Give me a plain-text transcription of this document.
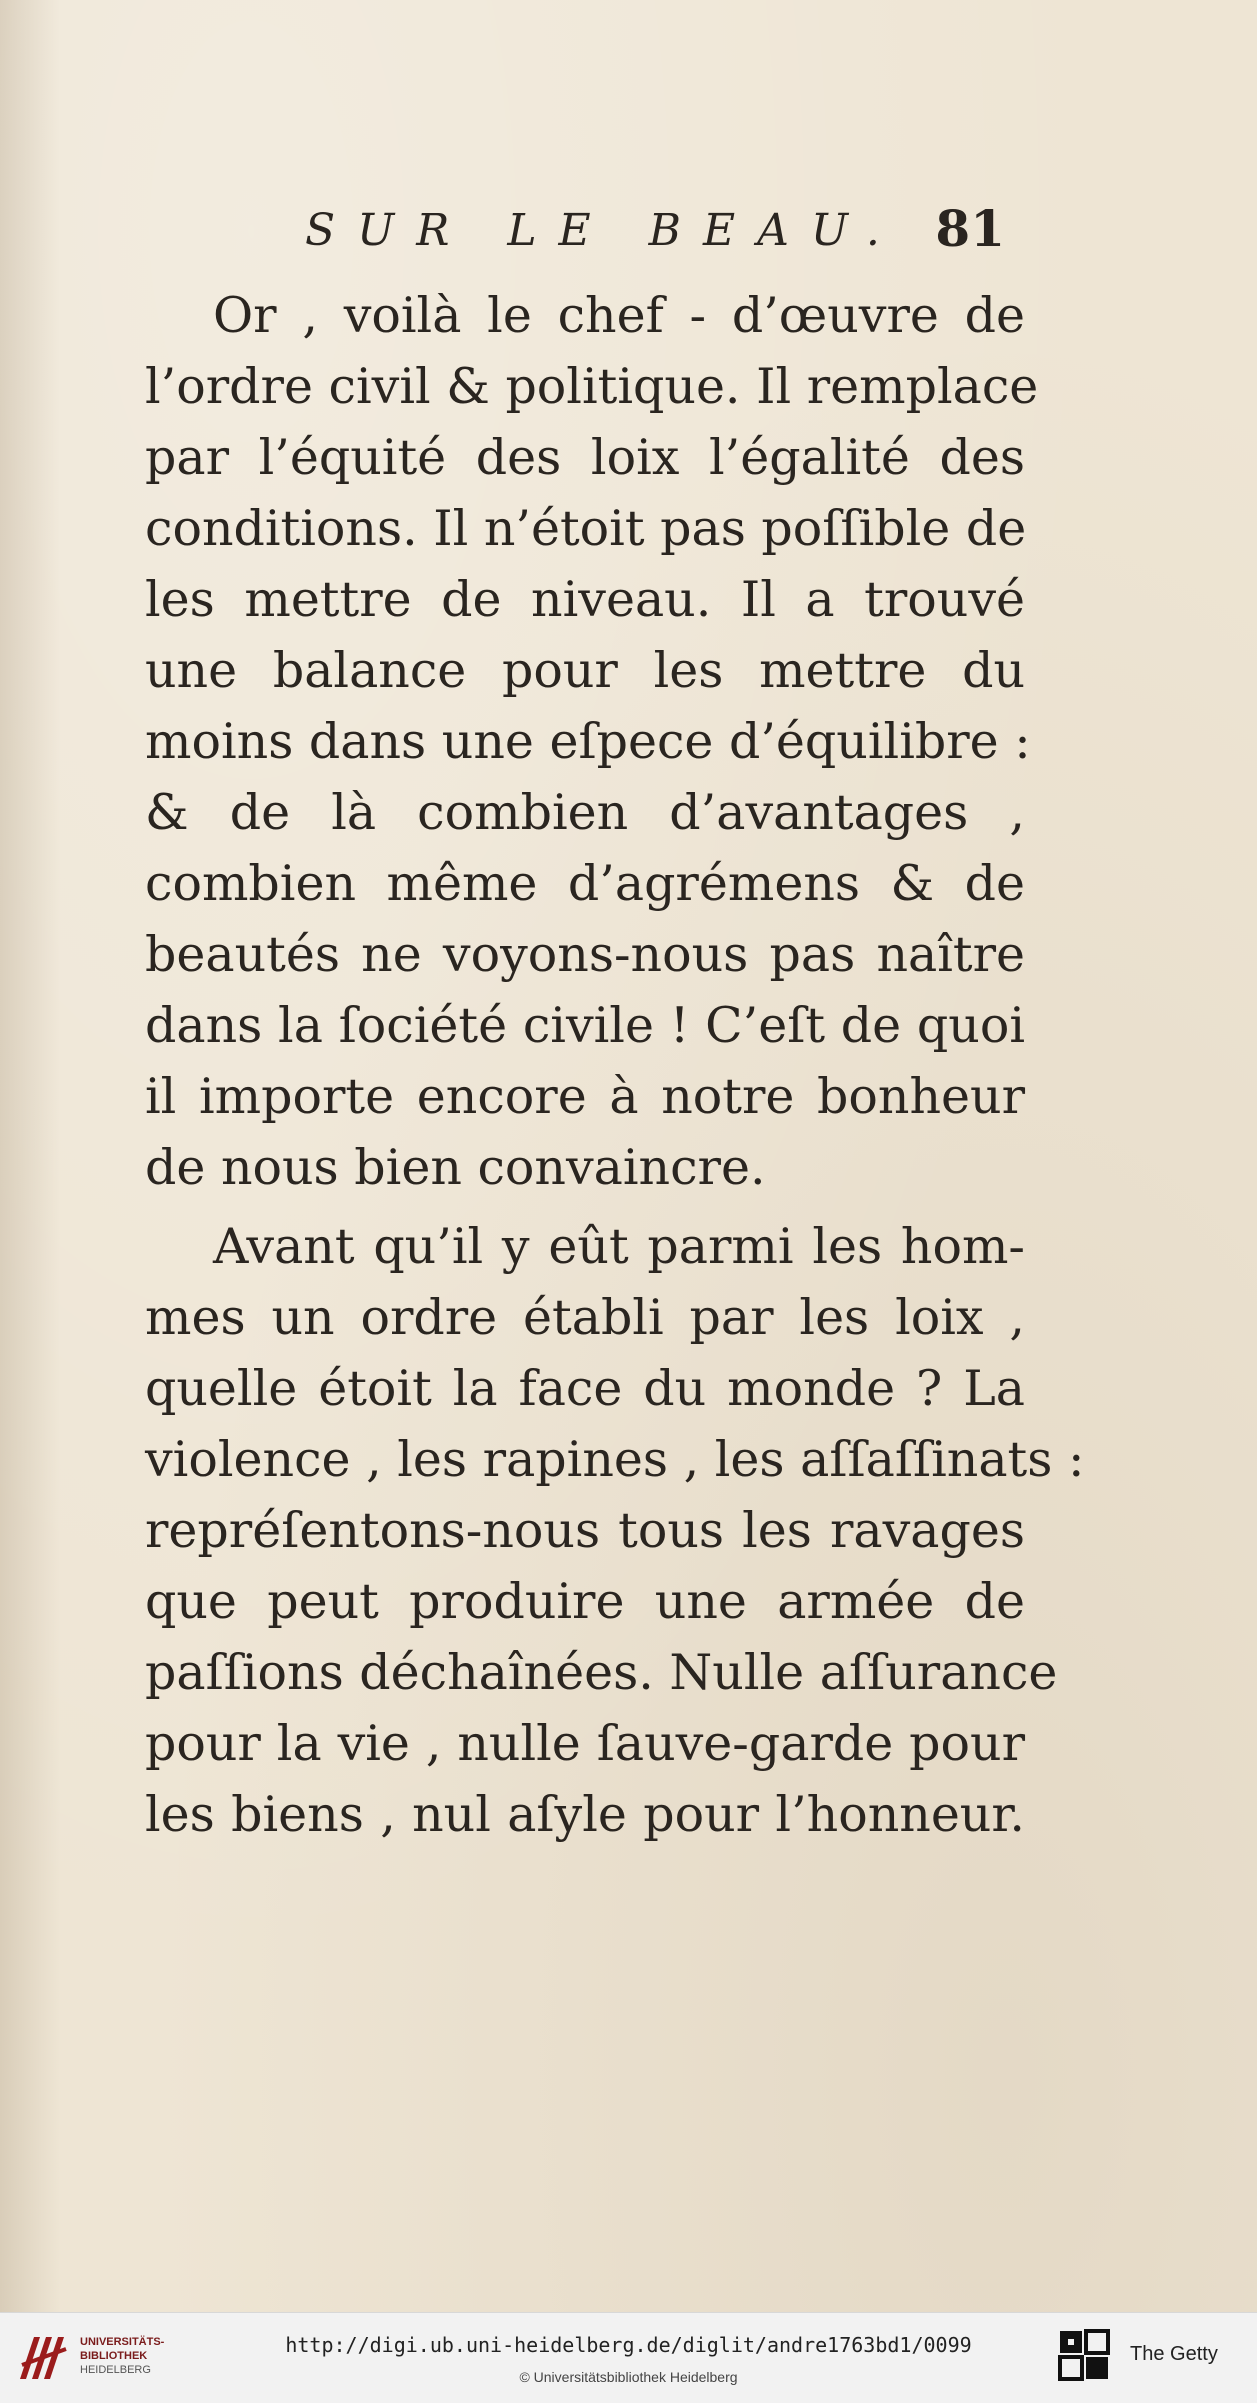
SUR LE BEAU. 81
Or , voilà le chef - d’œuvre de
l’ordre civil & politique. Il remplace
par l’équité des loix l’égalité des
conditions. Il n’étoit pas poſſible de
les mettre de niveau. Il a trouvé
une balance pour les mettre du
moins dans une eſpece d’équilibre :
& de là combien d’avantages ,
combien même d’agrémens & de
beautés ne voyons-nous pas naître
dans la ſociété civile ! C’eſt de quoi
il importe encore à notre bonheur
de nous bien convaincre.
Avant qu’il y eût parmi les hom-
mes un ordre établi par les loix ,
quelle étoit la face du monde ? La
violence , les rapines , les aſſaſſinats :
repréſentons-nous tous les ravages
que peut produire une armée de
paſſions déchaînées. Nulle aſſurance
pour la vie , nulle ſauve-garde pour
les biens , nul aſyle pour l’honneur.
UNIVERSITÄTS-
BIBLIOTHEK
HEIDELBERG
http://digi.ub.uni-heidelberg.de/diglit/andre1763bd1/0099
© Universitätsbibliothek Heidelberg
The Getty
